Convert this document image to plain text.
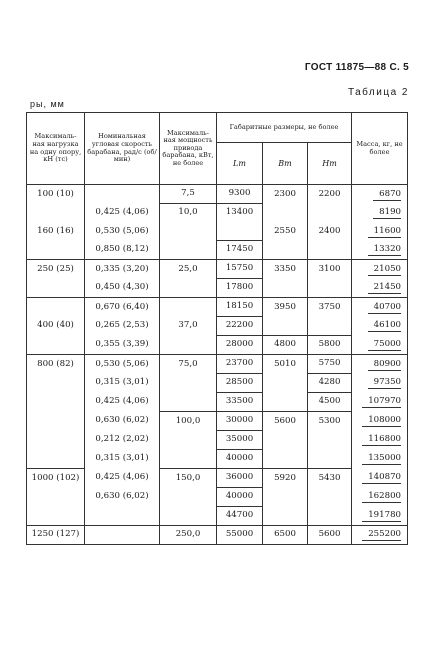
ГОСТ 11875—88 С. 5
Таблица 2
ры, мм
Максималь-ная нагрузка на одну опору, кН (тс)	Номинальная угловая скорость барабана, рад/с (об/мин)	Максималь-ная мощность привода барабана, кВт, не более	Габаритные размеры, не более			Масса, кг, не более
			Lт	Bт	Hт	
100 (10)		7,5	9300	2300	2200	6870
	0,425 (4,06)	10,0	13400			8190
160 (16)	0,530 (5,06)			2550	2400	11600
	0,850 (8,12)		17450			13320
250 (25)	0,335 (3,20)	25,0	15750	3350	3100	21050
	0,450 (4,30)		17800			21450
	0,670 (6,40)		18150	3950	3750	40700
400 (40)	0,265 (2,53)	37,0	22200			46100
	0,355 (3,39)		28000	4800	5800	75000
800 (82)	0,530 (5,06)	75,0	23700	5010	5750	80900
	0,315 (3,01)		28500		4280	97350
	0,425 (4,06)		33500		4500	107970
	0,630 (6,02)	100,0	30000	5600	5300	108000
	0,212 (2,02)		35000			116800
	0,315 (3,01)		40000			135000
1000 (102)	0,425 (4,06)	150,0	36000	5920	5430	140870
	0,630 (6,02)		40000			162800
			44700			191780
1250 (127)		250,0	55000	6500	5600	255200
